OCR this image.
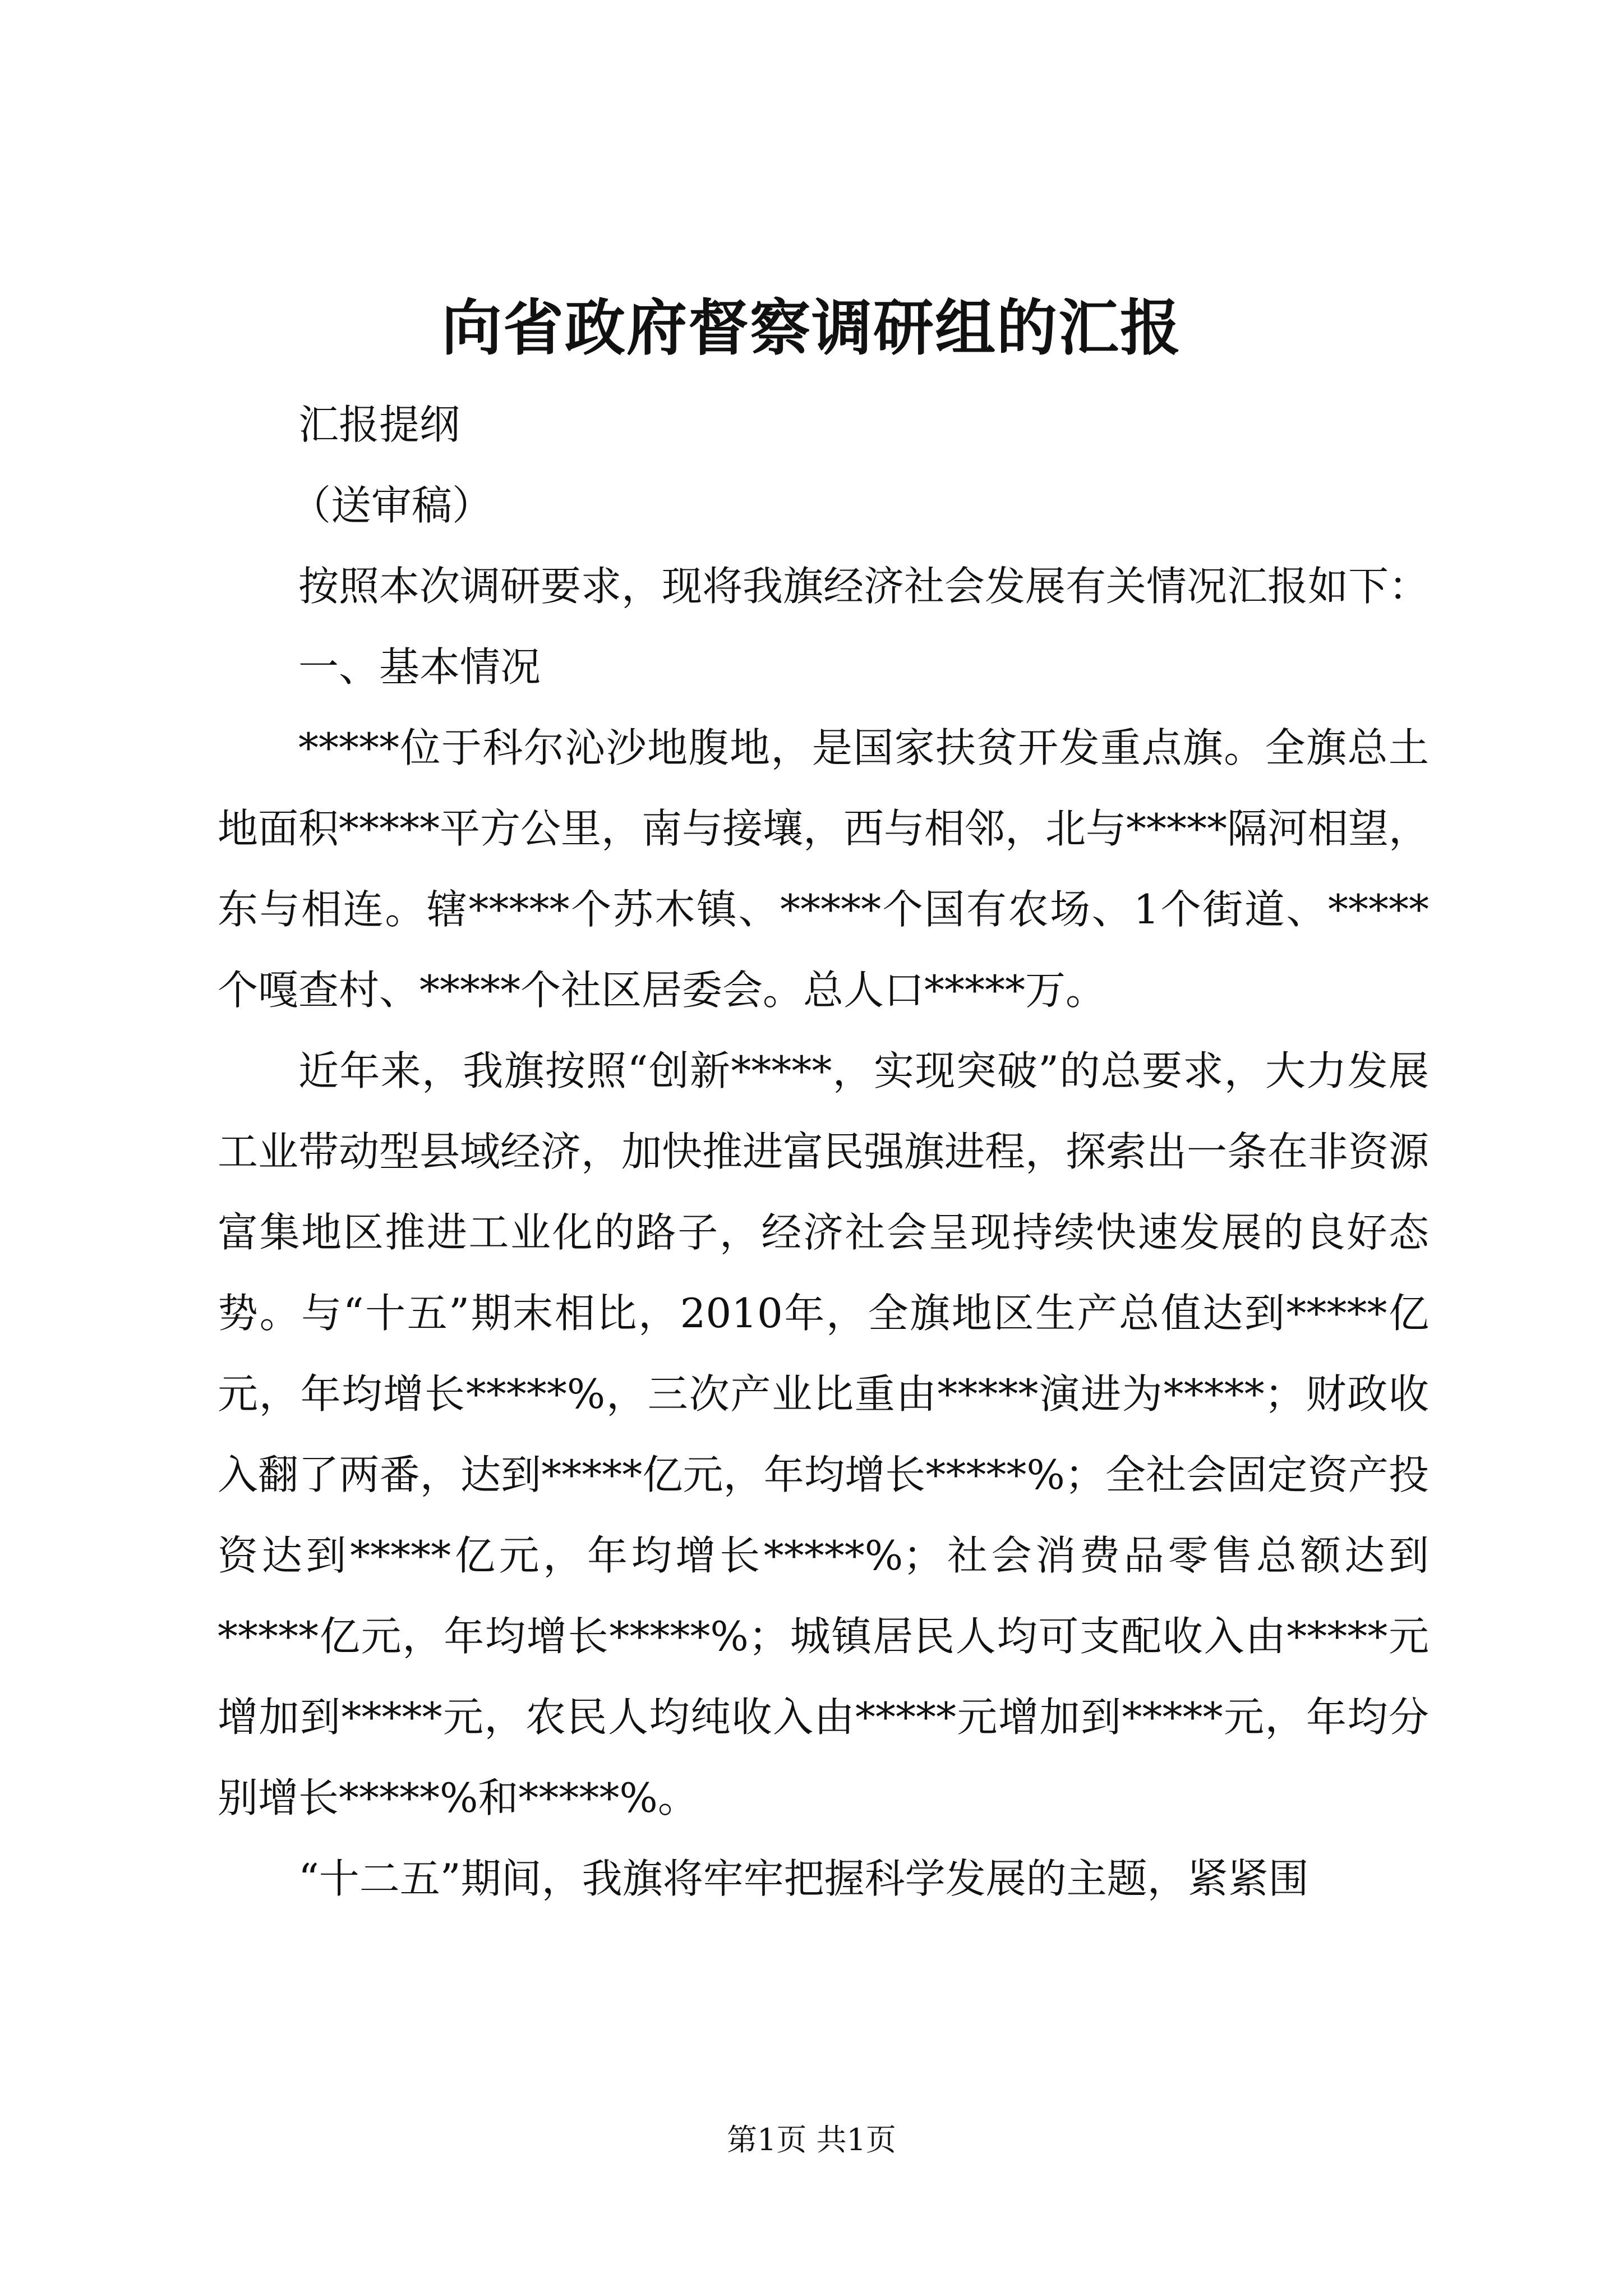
向省政府督察调研组的汇报

汇报提纲

（送审稿）

按照本次调研要求，现将我旗经济社会发展有关情况汇报如下：

一、基本情况

*****位于科尔沁沙地腹地，是国家扶贫开发重点旗。全旗总土地面积*****平方公里，南与接壤，西与相邻，北与*****隔河相望，东与相连。辖*****个苏木镇、*****个国有农场、1个街道、*****个嘎查村、*****个社区居委会。总人口*****万。

近年来，我旗按照“创新*****，实现突破”的总要求，大力发展工业带动型县域经济，加快推进富民强旗进程，探索出一条在非资源富集地区推进工业化的路子，经济社会呈现持续快速发展的良好态势。与“十五”期末相比，2010年，全旗地区生产总值达到*****亿元，年均增长*****%，三次产业比重由*****演进为*****；财政收入翻了两番，达到*****亿元，年均增长*****%；全社会固定资产投资达到*****亿元，年均增长*****%；社会消费品零售总额达到*****亿元，年均增长*****%；城镇居民人均可支配收入由*****元增加到*****元，农民人均纯收入由*****元增加到*****元，年均分别增长*****%和*****%。

“十二五”期间，我旗将牢牢把握科学发展的主题，紧紧围

第1页 共1页
